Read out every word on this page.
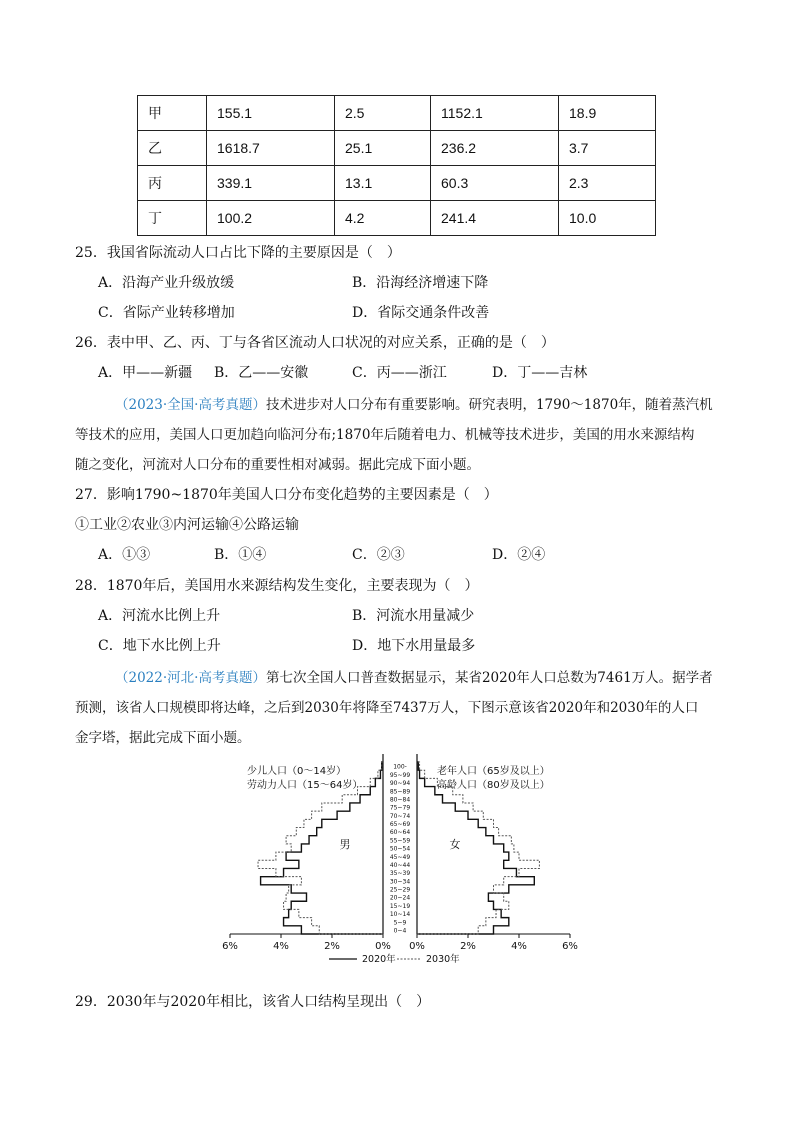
甲	155.1	2.5	1152.1	18.9
乙	1618.7	25.1	236.2	3.7
丙	339.1	13.1	60.3	2.3
丁	100.2	4.2	241.4	10.0
25．我国省际流动人口占比下降的主要原因是（　）
A．沿海产业升级放缓	B．沿海经济增速下降
C．省际产业转移增加	D．省际交通条件改善
26．表中甲、乙、丙、丁与各省区流动人口状况的对应关系，正确的是（　）
A．甲——新疆 B．乙——安徽	C．丙——浙江	D．丁——吉林
（2023·全国·高考真题）技术进步对人口分布有重要影响。研究表明，1790～1870年，随着蒸汽机
等技术的应用，美国人口更加趋向临河分布;1870年后随着电力、机械等技术进步，美国的用水来源结构
随之变化，河流对人口分布的重要性相对减弱。据此完成下面小题。
27．影响1790~1870年美国人口分布变化趋势的主要因素是（　）
①工业②农业③内河运输④公路运输
A．①③	B．①④	C．②③	D．②④
28．1870年后，美国用水来源结构发生变化，主要表现为（　）
A．河流水比例上升	B．河流水用量减少
C．地下水比例上升	D．地下水用量最多
（2022·河北·高考真题）第七次全国人口普查数据显示，某省2020年人口总数为7461万人。据学者
预测，该省人口规模即将达峰，之后到2030年将降至7437万人，下图示意该省2020年和2030年的人口
金字塔，据此完成下面小题。
6%	4%	2%	0% 0%	2%	4%	6%
0~4
5~9
10~14
15~19
20~24
25~29
30~34
35~39
40~44
45~49
50~54
55~59
60~64
65~69
70~74
75~79
80~84
85~89
90~94
95~99
100-
男	女
少儿人口（0～14岁）
劳动力人口（15～64岁）
老年人口（65岁及以上）
高龄人口（80岁及以上）
2020年	2030年
29．2030年与2020年相比，该省人口结构呈现出（　）
